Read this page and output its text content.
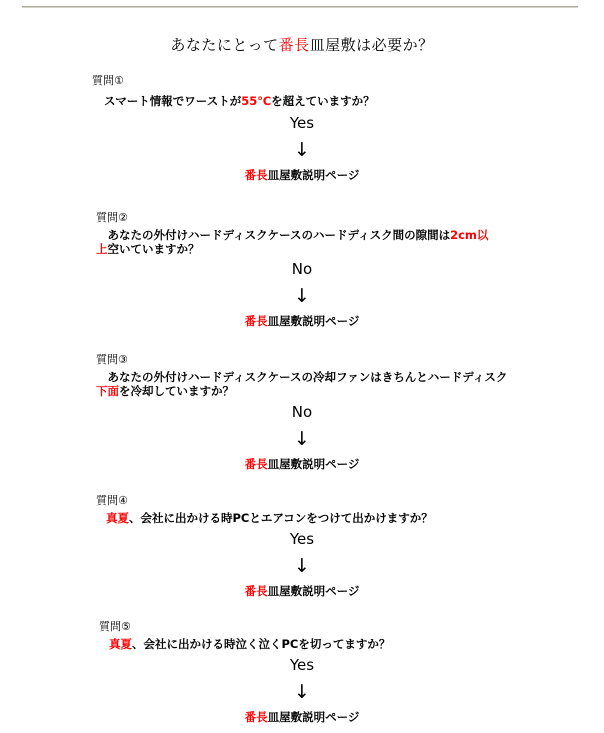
あなたにとって番長皿屋敷は必要か？
質問①
スマート情報でワーストが55℃を超えていますか？
Yes
↓
番長皿屋敷説明ページ
質問②
　あなたの外付けハードディスクケースのハードディスク間の隙間は2cm以
上空いていますか？
No
↓
番長皿屋敷説明ページ
質問③
　あなたの外付けハードディスクケースの冷却ファンはきちんとハードディスク
下面を冷却していますか？
No
↓
番長皿屋敷説明ページ
質問④
真夏、会社に出かける時PCとエアコンをつけて出かけますか？
Yes
↓
番長皿屋敷説明ページ
質問⑤
真夏、会社に出かける時泣く泣くPCを切ってますか？
Yes
↓
番長皿屋敷説明ページ
